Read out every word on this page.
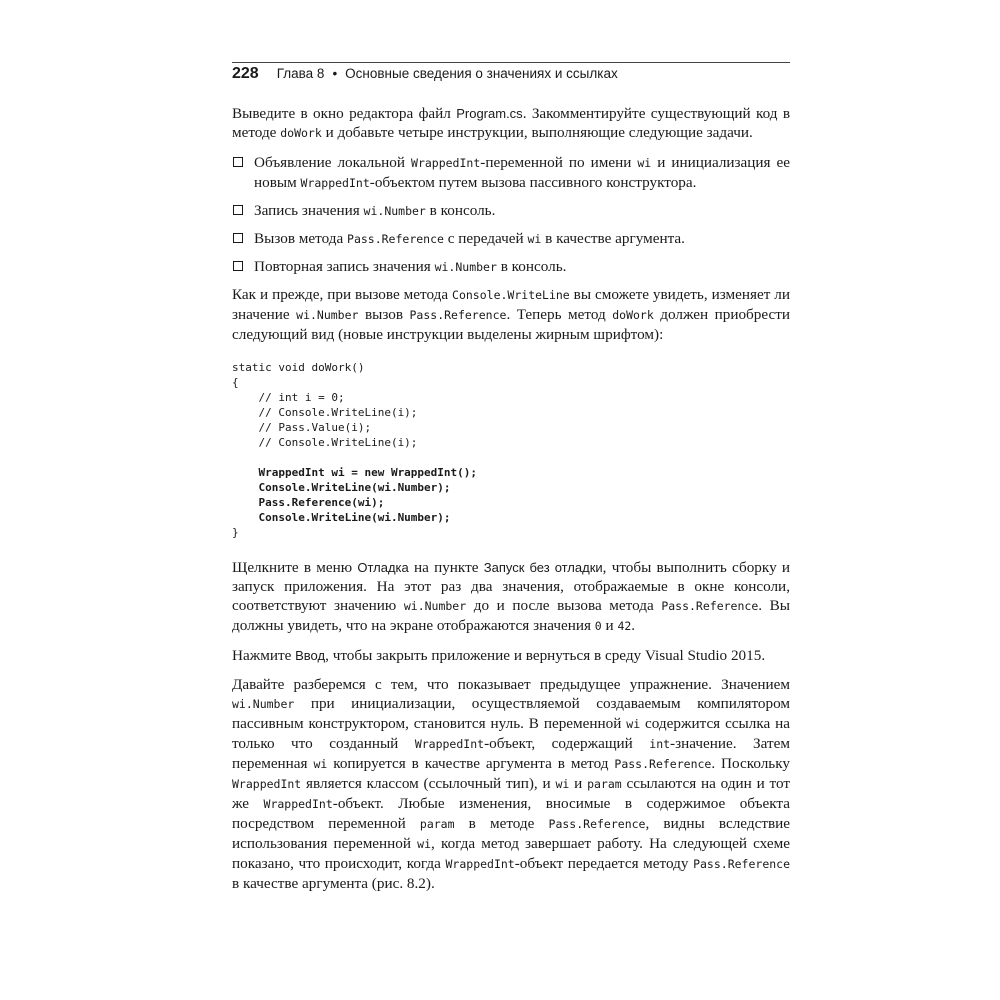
228 Глава 8 • Основные сведения о значениях и ссылках

Выведите в окно редактора файл Program.cs. Закомментируйте существующий код в методе doWork и добавьте четыре инструкции, выполняющие следующие задачи.

Объявление локальной WrappedInt-переменной по имени wi и инициализация ее новым WrappedInt-объектом путем вызова пассивного конструктора.
Запись значения wi.Number в консоль.
Вызов метода Pass.Reference с передачей wi в качестве аргумента.
Повторная запись значения wi.Number в консоль.

Как и прежде, при вызове метода Console.WriteLine вы сможете увидеть, изменяет ли значение wi.Number вызов Pass.Reference. Теперь метод doWork должен приобрести следующий вид (новые инструкции выделены жирным шрифтом):

static void doWork()
{
// int i = 0;
// Console.WriteLine(i);
// Pass.Value(i);
// Console.WriteLine(i);

WrappedInt wi = new WrappedInt();
Console.WriteLine(wi.Number);
Pass.Reference(wi);
Console.WriteLine(wi.Number);
}

Щелкните в меню Отладка на пункте Запуск без отладки, чтобы выполнить сборку и запуск приложения. На этот раз два значения, отображаемые в окне консоли, соответствуют значению wi.Number до и после вызова метода Pass.Reference. Вы должны увидеть, что на экране отображаются значения 0 и 42.

Нажмите Ввод, чтобы закрыть приложение и вернуться в среду Visual Studio 2015.

Давайте разберемся с тем, что показывает предыдущее упражнение. Значением wi.Number при инициализации, осуществляемой создаваемым компилятором пассивным конструктором, становится нуль. В переменной wi содержится ссылка на только что созданный WrappedInt-объект, содержащий int-значение. Затем переменная wi копируется в качестве аргумента в метод Pass.Reference. Поскольку WrappedInt является классом (ссылочный тип), и wi и param ссылаются на один и тот же WrappedInt-объект. Любые изменения, вносимые в содержимое объекта посредством переменной param в методе Pass.Reference, видны вследствие использования переменной wi, когда метод завершает работу. На следующей схеме показано, что происходит, когда WrappedInt-объект передается методу Pass.Reference в качестве аргумента (рис. 8.2).
